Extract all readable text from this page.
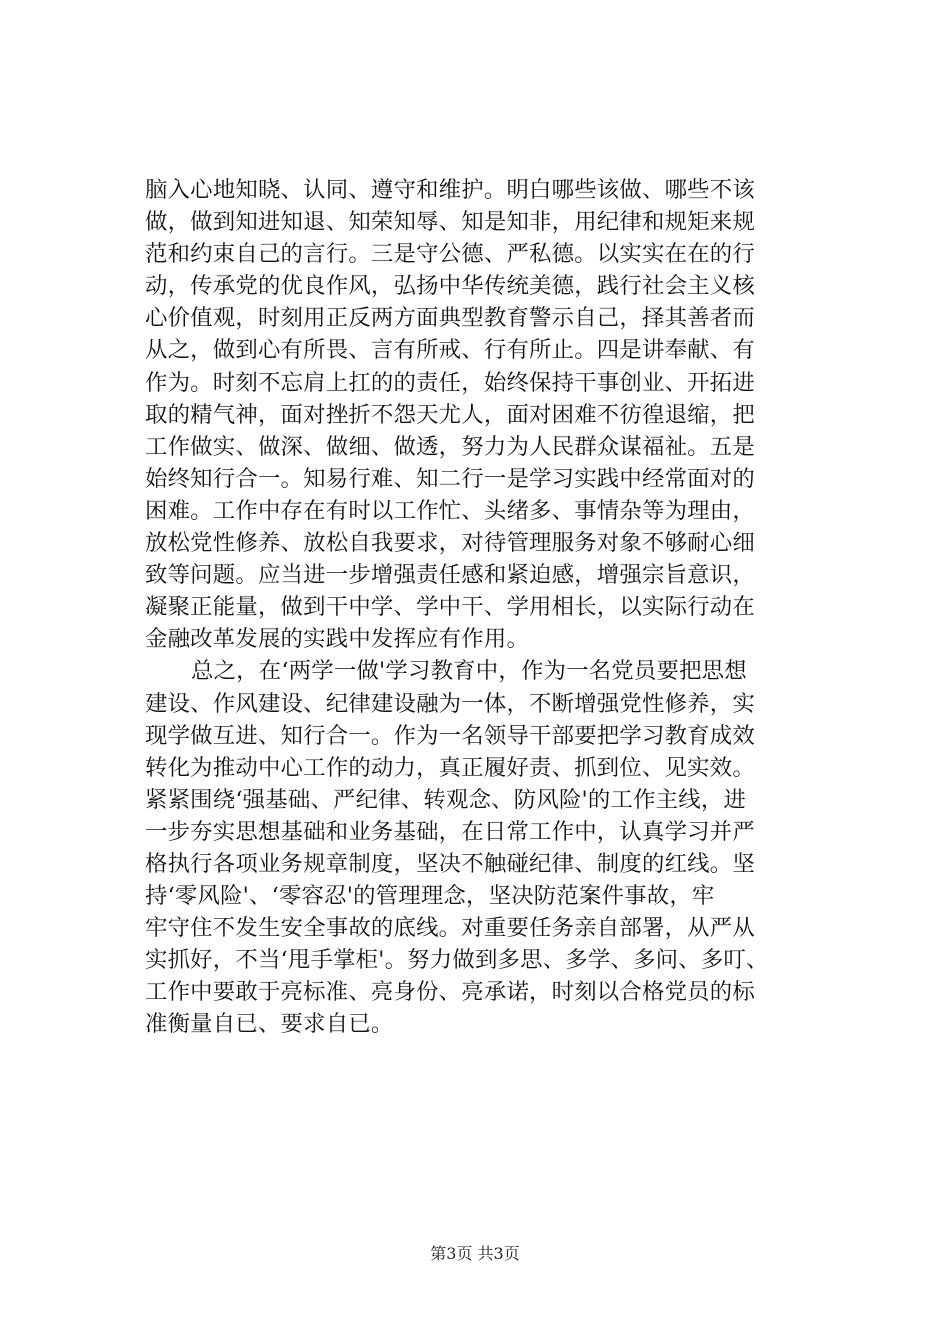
脑入心地知晓、认同、遵守和维护。明白哪些该做、哪些不该
做，做到知进知退、知荣知辱、知是知非，用纪律和规矩来规
范和约束自己的言行。三是守公德、严私德。以实实在在的行
动，传承党的优良作风，弘扬中华传统美德，践行社会主义核
心价值观，时刻用正反两方面典型教育警示自己，择其善者而
从之，做到心有所畏、言有所戒、行有所止。四是讲奉献、有
作为。时刻不忘肩上扛的的责任，始终保持干事创业、开拓进
取的精气神，面对挫折不怨天尤人，面对困难不彷徨退缩，把
工作做实、做深、做细、做透，努力为人民群众谋福祉。五是
始终知行合一。知易行难、知二行一是学习实践中经常面对的
困难。工作中存在有时以工作忙、头绪多、事情杂等为理由，
放松党性修养、放松自我要求，对待管理服务对象不够耐心细
致等问题。应当进一步增强责任感和紧迫感，增强宗旨意识，
凝聚正能量，做到干中学、学中干、学用相长，以实际行动在
金融改革发展的实践中发挥应有作用。
总之，在‘两学一做'学习教育中，作为一名党员要把思想
建设、作风建设、纪律建设融为一体，不断增强党性修养，实
现学做互进、知行合一。作为一名领导干部要把学习教育成效
转化为推动中心工作的动力，真正履好责、抓到位、见实效。
紧紧围绕‘强基础、严纪律、转观念、防风险'的工作主线，进
一步夯实思想基础和业务基础，在日常工作中，认真学习并严
格执行各项业务规章制度，坚决不触碰纪律、制度的红线。坚
持‘零风险'、‘零容忍'的管理理念，坚决防范案件事故，牢
牢守住不发生安全事故的底线。对重要任务亲自部署，从严从
实抓好，不当‘甩手掌柜'。努力做到多思、多学、多问、多叮、
工作中要敢于亮标准、亮身份、亮承诺，时刻以合格党员的标
准衡量自已、要求自已。
第3页 共3页
